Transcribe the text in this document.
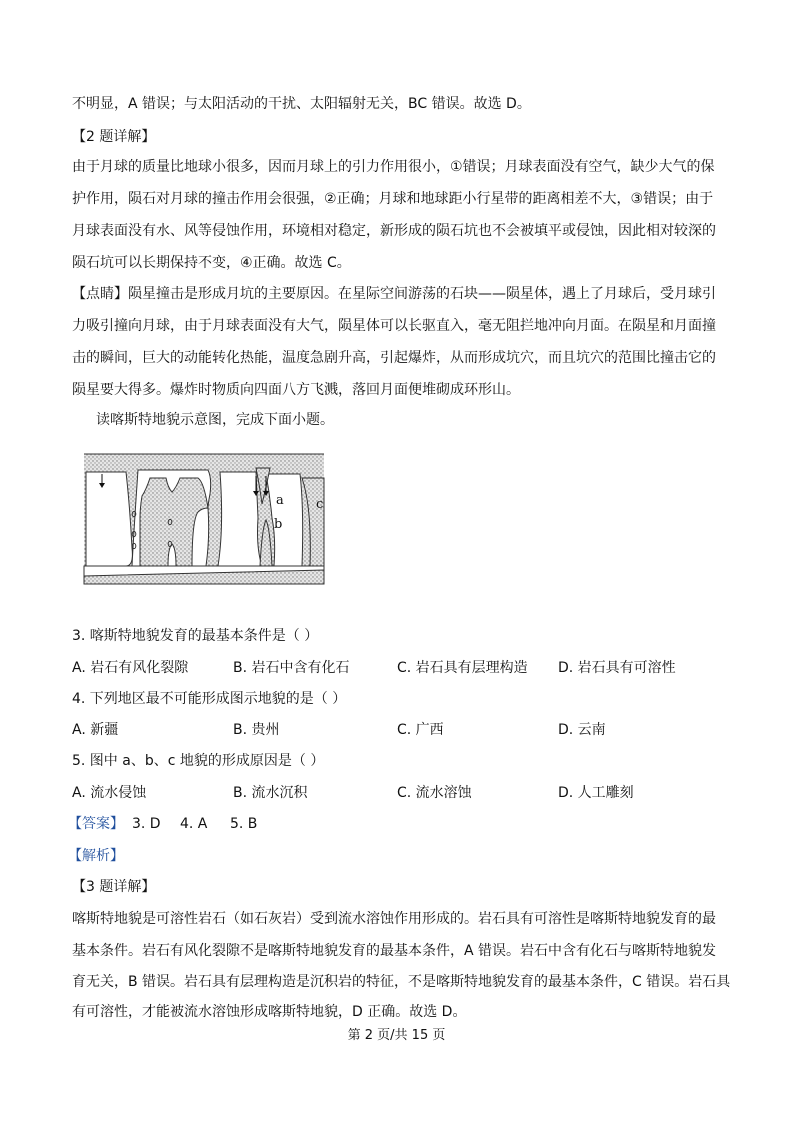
不明显，A 错误；与太阳活动的干扰、太阳辐射无关，BC 错误。故选 D。
【2 题详解】
由于月球的质量比地球小很多，因而月球上的引力作用很小，①错误；月球表面没有空气，缺少大气的保
护作用，陨石对月球的撞击作用会很强，②正确；月球和地球距小行星带的距离相差不大，③错误；由于
月球表面没有水、风等侵蚀作用，环境相对稳定，新形成的陨石坑也不会被填平或侵蚀，因此相对较深的
陨石坑可以长期保持不变，④正确。故选 C。
【点睛】陨星撞击是形成月坑的主要原因。在星际空间游荡的石块——陨星体，遇上了月球后，受月球引
力吸引撞向月球，由于月球表面没有大气，陨星体可以长驱直入，毫无阻拦地冲向月面。在陨星和月面撞
击的瞬间，巨大的动能转化热能，温度急剧升高，引起爆炸，从而形成坑穴，而且坑穴的范围比撞击它的
陨星要大得多。爆炸时物质向四面八方飞溅，落回月面便堆砌成环形山。
读喀斯特地貌示意图，完成下面小题。
a
b
c
3. 喀斯特地貌发育的最基本条件是（ ）
A. 岩石有风化裂隙	B. 岩石中含有化石	C. 岩石具有层理构造 D. 岩石具有可溶性
4. 下列地区最不可能形成图示地貌的是（ ）
A. 新疆	B. 贵州	C. 广西	D. 云南
5. 图中 a、b、c 地貌的形成原因是（ ）
A. 流水侵蚀	B. 流水沉积	C. 流水溶蚀	D. 人工雕刻
【答案】 3. D 4. A 5. B
【解析】
【3 题详解】
喀斯特地貌是可溶性岩石（如石灰岩）受到流水溶蚀作用形成的。岩石具有可溶性是喀斯特地貌发育的最
基本条件。岩石有风化裂隙不是喀斯特地貌发育的最基本条件，A 错误。岩石中含有化石与喀斯特地貌发
育无关，B 错误。岩石具有层理构造是沉积岩的特征，不是喀斯特地貌发育的最基本条件，C 错误。岩石具
有可溶性，才能被流水溶蚀形成喀斯特地貌，D 正确。故选 D。
第 2 页/共 15 页
